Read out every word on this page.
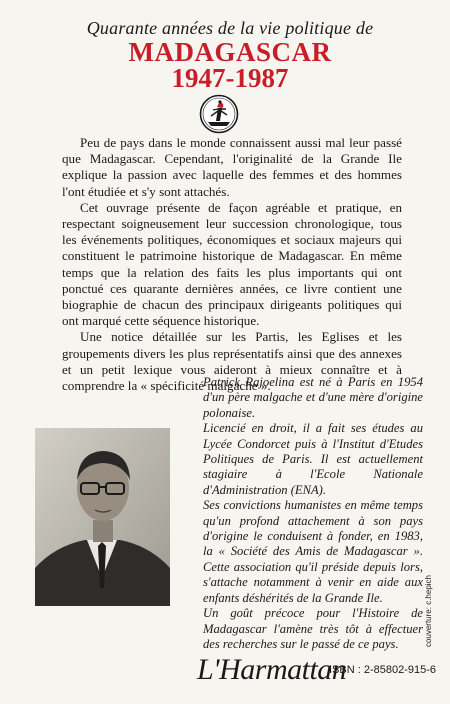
Quarante années de la vie politique de
MADAGASCAR
1947-1987

Peu de pays dans le monde connaissent aussi mal leur passé que Madagascar. Cependant, l'originalité de la Grande Ile explique la passion avec laquelle des femmes et des hommes l'ont étudiée et s'y sont attachés.

Cet ouvrage présente de façon agréable et pratique, en respectant soigneusement leur succession chronologique, tous les événements politiques, économiques et sociaux majeurs qui constituent le patrimoine historique de Madagascar. En même temps que la relation des faits les plus importants qui ont ponctué ces quarante dernières années, ce livre contient une biographie de chacun des principaux dirigeants politiques qui ont marqué cette séquence historique.

Une notice détaillée sur les Partis, les Eglises et les groupements divers les plus représentatifs ainsi que des annexes et un petit lexique vous aideront à mieux connaître et à comprendre la « spécificité malgache ».

Patrick Rajoelina est né à Paris en 1954 d'un père malgache et d'une mère d'origine polonaise.

Licencié en droit, il a fait ses études au Lycée Condorcet puis à l'Institut d'Etudes Politiques de Paris. Il est actuellement stagiaire à l'Ecole Nationale d'Administration (ENA).

Ses convictions humanistes en même temps qu'un profond attachement à son pays d'origine le conduisent à fonder, en 1983, la « Société des Amis de Madagascar ». Cette association qu'il préside depuis lors, s'attache notamment à venir en aide aux enfants déshérités de la Grande Ile.

Un goût précoce pour l'Histoire de Madagascar l'amène très tôt à effectuer des recherches sur le passé de ce pays.

L'Harmattan
ISBN : 2-85802-915-6
couverture: c.hepich
